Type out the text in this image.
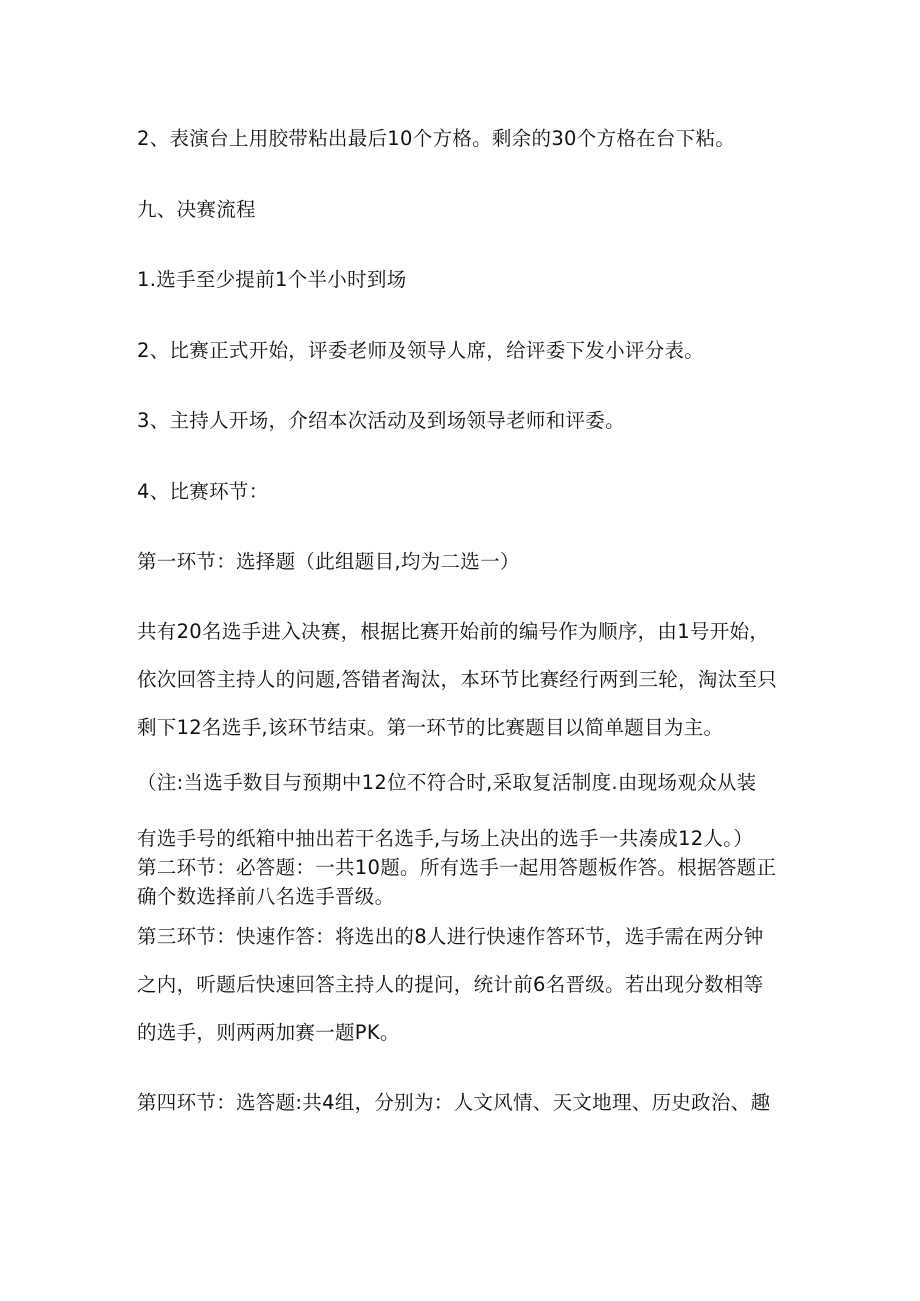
2、表演台上用胶带粘出最后10个方格。剩余的30个方格在台下粘。
九、决赛流程
1.选手至少提前1个半小时到场
2、比赛正式开始，评委老师及领导人席，给评委下发小评分表。
3、主持人开场，介绍本次活动及到场领导老师和评委。
4、比赛环节：
第一环节：选择题（此组题目,均为二选一）
共有20名选手进入决赛，根据比赛开始前的编号作为顺序，由1号开始，
依次回答主持人的问题,答错者淘汰，本环节比赛经行两到三轮，淘汰至只
剩下12名选手,该环节结束。第一环节的比赛题目以简单题目为主。
（注:当选手数目与预期中12位不符合时,采取复活制度.由现场观众从装
有选手号的纸箱中抽出若干名选手,与场上决出的选手一共凑成12人。）
第二环节：必答题：一共10题。所有选手一起用答题板作答。根据答题正
确个数选择前八名选手晋级。
第三环节：快速作答：将选出的8人进行快速作答环节，选手需在两分钟
之内，听题后快速回答主持人的提问，统计前6名晋级。若出现分数相等
的选手，则两两加赛一题PK。
第四环节：选答题:共4组，分别为：人文风情、天文地理、历史政治、趣
